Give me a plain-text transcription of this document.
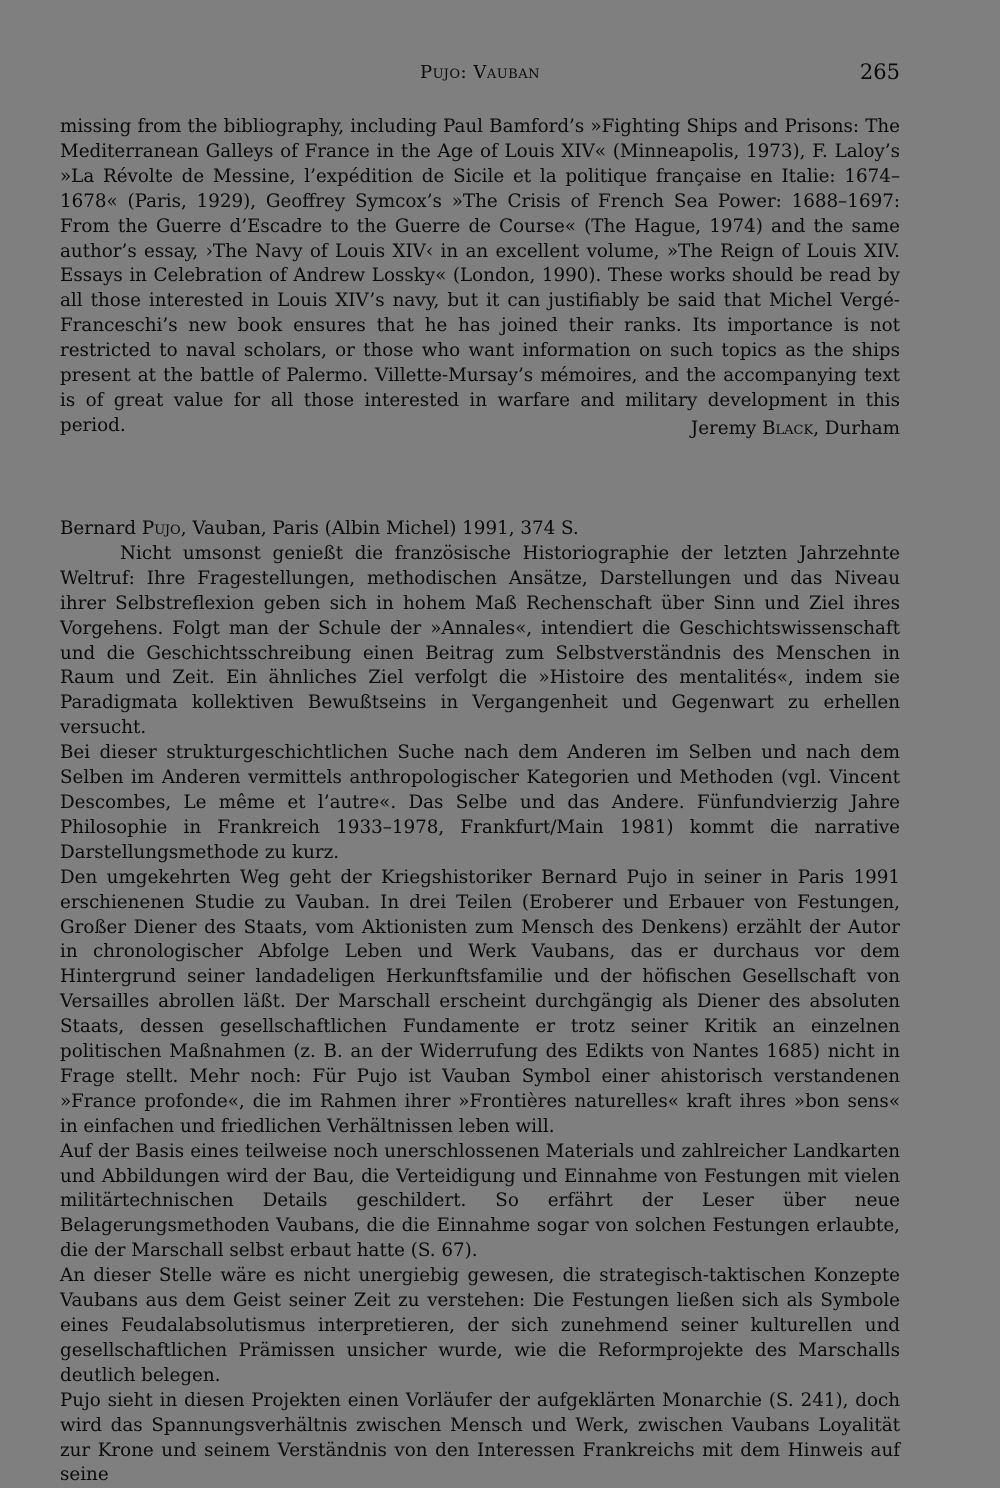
Pujo: Vauban	265

missing from the bibliography, including Paul Bamford’s »Fighting Ships and Prisons: The Mediterranean Galleys of France in the Age of Louis XIV« (Minneapolis, 1973), F. Laloy’s »La Révolte de Messine, l’expédition de Sicile et la politique française en Italie: 1674–1678« (Paris, 1929), Geoffrey Symcox’s »The Crisis of French Sea Power: 1688–1697: From the Guerre d’Escadre to the Guerre de Course« (The Hague, 1974) and the same author’s essay, ›The Navy of Louis XIV‹ in an excellent volume, »The Reign of Louis XIV. Essays in Celebration of Andrew Lossky« (London, 1990). These works should be read by all those interested in Louis XIV’s navy, but it can justifiably be said that Michel Vergé-Franceschi’s new book ensures that he has joined their ranks. Its importance is not restricted to naval scholars, or those who want information on such topics as the ships present at the battle of Palermo. Villette-Mursay’s mémoires, and the accompanying text is of great value for all those interested in warfare and military development in this period.	Jeremy Black, Durham

Bernard Pujo, Vauban, Paris (Albin Michel) 1991, 374 S.

Nicht umsonst genießt die französische Historiographie der letzten Jahrzehnte Weltruf: Ihre Fragestellungen, methodischen Ansätze, Darstellungen und das Niveau ihrer Selbstreflexion geben sich in hohem Maß Rechenschaft über Sinn und Ziel ihres Vorgehens. Folgt man der Schule der »Annales«, intendiert die Geschichtswissenschaft und die Geschichtsschreibung einen Beitrag zum Selbstverständnis des Menschen in Raum und Zeit. Ein ähnliches Ziel verfolgt die »Histoire des mentalités«, indem sie Paradigmata kollektiven Bewußtseins in Vergangenheit und Gegenwart zu erhellen versucht.

Bei dieser strukturgeschichtlichen Suche nach dem Anderen im Selben und nach dem Selben im Anderen vermittels anthropologischer Kategorien und Methoden (vgl. Vincent Descombes, Le même et l’autre«. Das Selbe und das Andere. Fünfundvierzig Jahre Philosophie in Frankreich 1933–1978, Frankfurt/Main 1981) kommt die narrative Darstellungsmethode zu kurz.

Den umgekehrten Weg geht der Kriegshistoriker Bernard Pujo in seiner in Paris 1991 erschienenen Studie zu Vauban. In drei Teilen (Eroberer und Erbauer von Festungen, Großer Diener des Staats, vom Aktionisten zum Mensch des Denkens) erzählt der Autor in chronologischer Abfolge Leben und Werk Vaubans, das er durchaus vor dem Hintergrund seiner landadeligen Herkunftsfamilie und der höfischen Gesellschaft von Versailles abrollen läßt. Der Marschall erscheint durchgängig als Diener des absoluten Staats, dessen gesellschaftlichen Fundamente er trotz seiner Kritik an einzelnen politischen Maßnahmen (z. B. an der Widerrufung des Edikts von Nantes 1685) nicht in Frage stellt. Mehr noch: Für Pujo ist Vauban Symbol einer ahistorisch verstandenen »France profonde«, die im Rahmen ihrer »Frontières naturelles« kraft ihres »bon sens« in einfachen und friedlichen Verhältnissen leben will.

Auf der Basis eines teilweise noch unerschlossenen Materials und zahlreicher Landkarten und Abbildungen wird der Bau, die Verteidigung und Einnahme von Festungen mit vielen militärtechnischen Details geschildert. So erfährt der Leser über neue Belagerungsmethoden Vaubans, die die Einnahme sogar von solchen Festungen erlaubte, die der Marschall selbst erbaut hatte (S. 67).

An dieser Stelle wäre es nicht unergiebig gewesen, die strategisch-taktischen Konzepte Vaubans aus dem Geist seiner Zeit zu verstehen: Die Festungen ließen sich als Symbole eines Feudalabsolutismus interpretieren, der sich zunehmend seiner kulturellen und gesellschaftlichen Prämissen unsicher wurde, wie die Reformprojekte des Marschalls deutlich belegen.

Pujo sieht in diesen Projekten einen Vorläufer der aufgeklärten Monarchie (S. 241), doch wird das Spannungsverhältnis zwischen Mensch und Werk, zwischen Vaubans Loyalität zur Krone und seinem Verständnis von den Interessen Frankreichs mit dem Hinweis auf seine
